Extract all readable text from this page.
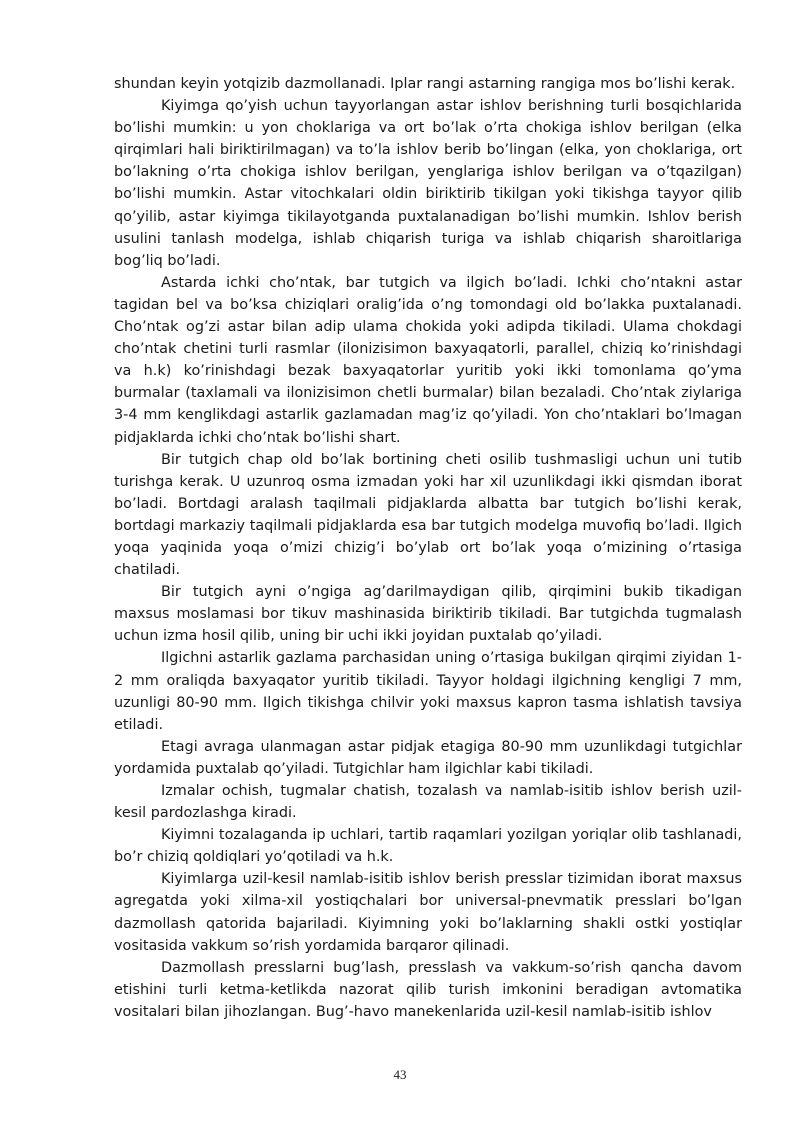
shundan keyin yotqizib dazmollanadi. Iplar rangi astarning rangiga mos bo’lishi kerak.

Kiyimga qo’yish uchun tayyorlangan astar ishlov berishning turli bosqichlarida bo’lishi mumkin: u yon choklariga va ort bo’lak o’rta chokiga ishlov berilgan (elka qirqimlari hali biriktirilmagan) va to’la ishlov berib bo’lingan (elka, yon choklariga, ort bo’lakning o’rta chokiga ishlov berilgan, yenglariga ishlov berilgan va o’tqazilgan) bo’lishi mumkin. Astar vitochkalari oldin biriktirib tikilgan yoki tikishga tayyor qilib qo’yilib, astar kiyimga tikilayotganda puxtalanadigan bo’lishi mumkin. Ishlov berish usulini tanlash modelga, ishlab chiqarish turiga va ishlab chiqarish sharoitlariga bog’liq bo’ladi.

Astarda ichki cho’ntak, bar tutgich va ilgich bo’ladi. Ichki cho’ntakni astar tagidan bel va bo’ksa chiziqlari oralig’ida o’ng tomondagi old bo’lakka puxtalanadi. Cho’ntak og’zi astar bilan adip ulama chokida yoki adipda tikiladi. Ulama chokdagi cho’ntak chetini turli rasmlar (ilonizisimon baxyaqatorli, parallel, chiziq ko’rinishdagi va h.k) ko’rinishdagi bezak baxyaqatorlar yuritib yoki ikki tomonlama qo’yma burmalar (taxlamali va ilonizisimon chetli burmalar) bilan bezaladi. Cho’ntak ziylariga 3-4 mm kenglikdagi astarlik gazlamadan mag’iz qo’yiladi. Yon cho’ntaklari bo’lmagan pidjaklarda ichki cho’ntak bo’lishi shart.

Bir tutgich chap old bo’lak bortining cheti osilib tushmasligi uchun uni tutib turishga kerak. U uzunroq osma izmadan yoki har xil uzunlikdagi ikki qismdan iborat bo’ladi. Bortdagi aralash taqilmali pidjaklarda albatta bar tutgich bo’lishi kerak, bortdagi markaziy taqilmali pidjaklarda esa bar tutgich modelga muvofiq bo’ladi. Ilgich yoqa yaqinida yoqa o’mizi chizig’i bo’ylab ort bo’lak yoqa o’mizining o’rtasiga chatiladi.

Bir tutgich ayni o’ngiga ag’darilmaydigan qilib, qirqimini bukib tikadigan maxsus moslamasi bor tikuv mashinasida biriktirib tikiladi. Bar tutgichda tugmalash uchun izma hosil qilib, uning bir uchi ikki joyidan puxtalab qo’yiladi.

Ilgichni astarlik gazlama parchasidan uning o’rtasiga bukilgan qirqimi ziyidan 1-2 mm oraliqda baxyaqator yuritib tikiladi. Tayyor holdagi ilgichning kengligi 7 mm, uzunligi 80-90 mm. Ilgich tikishga chilvir yoki maxsus kapron tasma ishlatish tavsiya etiladi.

Etagi avraga ulanmagan astar pidjak etagiga 80-90 mm uzunlikdagi tutgichlar yordamida puxtalab qo’yiladi. Tutgichlar ham ilgichlar kabi tikiladi.

Izmalar ochish, tugmalar chatish, tozalash va namlab-isitib ishlov berish uzil-kesil pardozlashga kiradi.

Kiyimni tozalaganda ip uchlari, tartib raqamlari yozilgan yoriqlar olib tashlanadi, bo’r chiziq qoldiqlari yo’qotiladi va h.k.

Kiyimlarga uzil-kesil namlab-isitib ishlov berish presslar tizimidan iborat maxsus agregatda yoki xilma-xil yostiqchalari bor universal-pnevmatik presslari bo’lgan dazmollash qatorida bajariladi. Kiyimning yoki bo’laklarning shakli ostki yostiqlar vositasida vakkum so’rish yordamida barqaror qilinadi.

Dazmollash presslarni bug’lash, presslash va vakkum-so’rish qancha davom etishini turli ketma-ketlikda nazorat qilib turish imkonini beradigan avtomatika vositalari bilan jihozlangan. Bug’-havo manekenlarida uzil-kesil namlab-isitib ishlov

43
